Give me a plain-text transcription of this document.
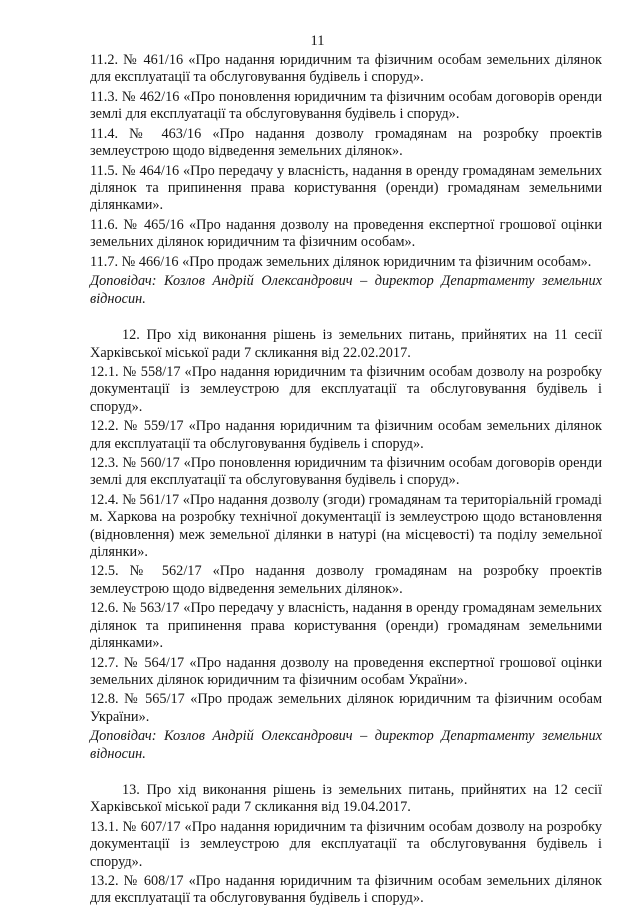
11

11.2. № 461/16 «Про надання юридичним та фізичним особам земельних ділянок для експлуатації та обслуговування будівель і споруд».

11.3. № 462/16 «Про поновлення юридичним та фізичним особам договорів оренди землі для експлуатації та обслуговування будівель і споруд».

11.4. № 463/16 «Про надання дозволу громадянам на розробку проектів землеустрою щодо відведення земельних ділянок».

11.5. № 464/16 «Про передачу у власність, надання в оренду громадянам земельних ділянок та припинення права користування (оренди) громадянам земельними ділянками».

11.6. № 465/16 «Про надання дозволу на проведення експертної грошової оцінки земельних ділянок юридичним та фізичним особам».

11.7. № 466/16 «Про продаж земельних ділянок юридичним та фізичним особам».

Доповідач: Козлов Андрій Олександрович – директор Департаменту земельних відносин.

12. Про хід виконання рішень із земельних питань, прийнятих на 11 сесії Харківської міської ради 7 скликання від 22.02.2017.

12.1. № 558/17 «Про надання юридичним та фізичним особам дозволу на розробку документації із землеустрою для експлуатації та обслуговування будівель і споруд».

12.2. № 559/17 «Про надання юридичним та фізичним особам земельних ділянок для експлуатації та обслуговування будівель і споруд».

12.3. № 560/17 «Про поновлення юридичним та фізичним особам договорів оренди землі для експлуатації та обслуговування будівель і споруд».

12.4. № 561/17 «Про надання дозволу (згоди) громадянам та територіальній громаді м. Харкова на розробку технічної документації із землеустрою щодо встановлення (відновлення) меж земельної ділянки в натурі (на місцевості) та поділу земельної ділянки».

12.5. № 562/17 «Про надання дозволу громадянам на розробку проектів землеустрою щодо відведення земельних ділянок».

12.6. № 563/17 «Про передачу у власність, надання в оренду громадянам земельних ділянок та припинення права користування (оренди) громадянам земельними ділянками».

12.7. № 564/17 «Про надання дозволу на проведення експертної грошової оцінки земельних ділянок юридичним та фізичним особам України».

12.8. № 565/17 «Про продаж земельних ділянок юридичним та фізичним особам України».

Доповідач: Козлов Андрій Олександрович – директор Департаменту земельних відносин.

13. Про хід виконання рішень із земельних питань, прийнятих на 12 сесії Харківської міської ради 7 скликання від 19.04.2017.

13.1. № 607/17 «Про надання юридичним та фізичним особам дозволу на розробку документації із землеустрою для експлуатації та обслуговування будівель і споруд».

13.2. № 608/17 «Про надання юридичним та фізичним особам земельних ділянок для експлуатації та обслуговування будівель і споруд».
